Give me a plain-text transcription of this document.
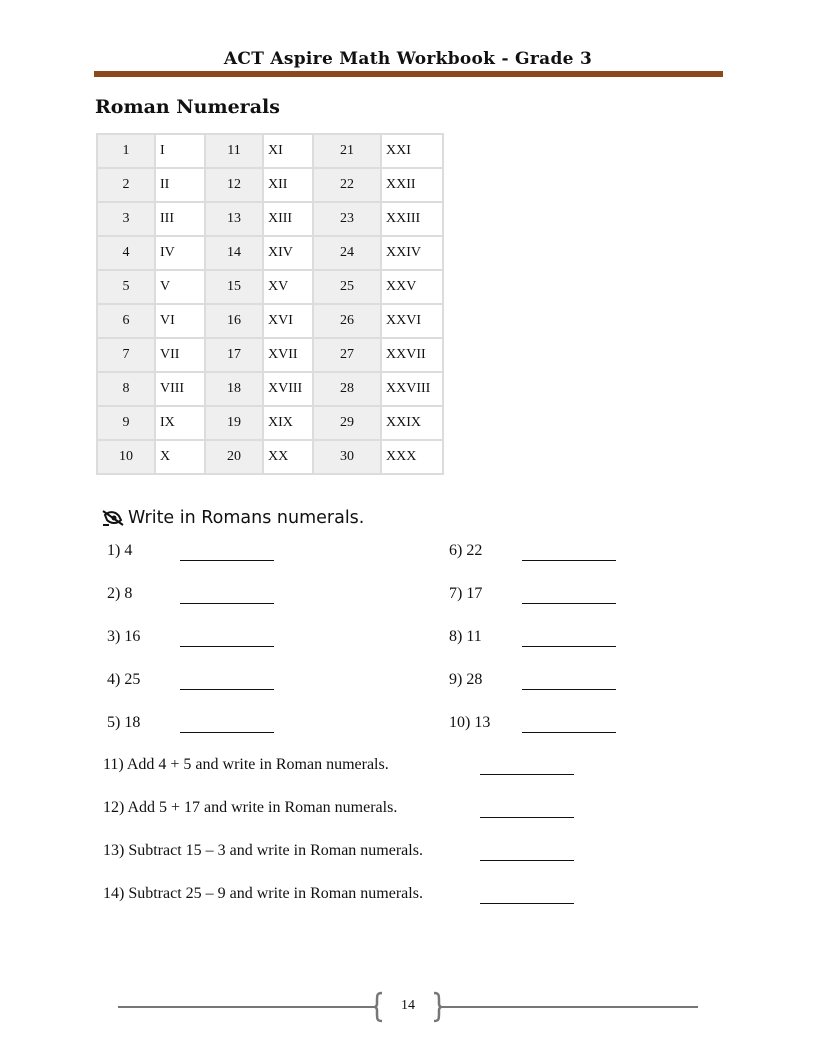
ACT Aspire Math Workbook - Grade 3
Roman Numerals
1	I	11	XI	21	XXI
2	II	12	XII	22	XXII
3	III	13	XIII	23	XXIII
4	IV	14	XIV	24	XXIV
5	V	15	XV	25	XXV
6	VI	16	XVI	26	XXVI
7	VII	17	XVII	27	XXVII
8	VIII	18	XVIII	28	XXVIII
9	IX	19	XIX	29	XXIX
10	X	20	XX	30	XXX
Write in Romans numerals.
1) 4
2) 8
3) 16
4) 25
5) 18
6) 22
7) 17
8) 11
9) 28
10) 13
11) Add 4 + 5 and write in Roman numerals.
12) Add 5 + 17 and write in Roman numerals.
13) Subtract 15 – 3 and write in Roman numerals.
14) Subtract 25 – 9 and write in Roman numerals.
14
